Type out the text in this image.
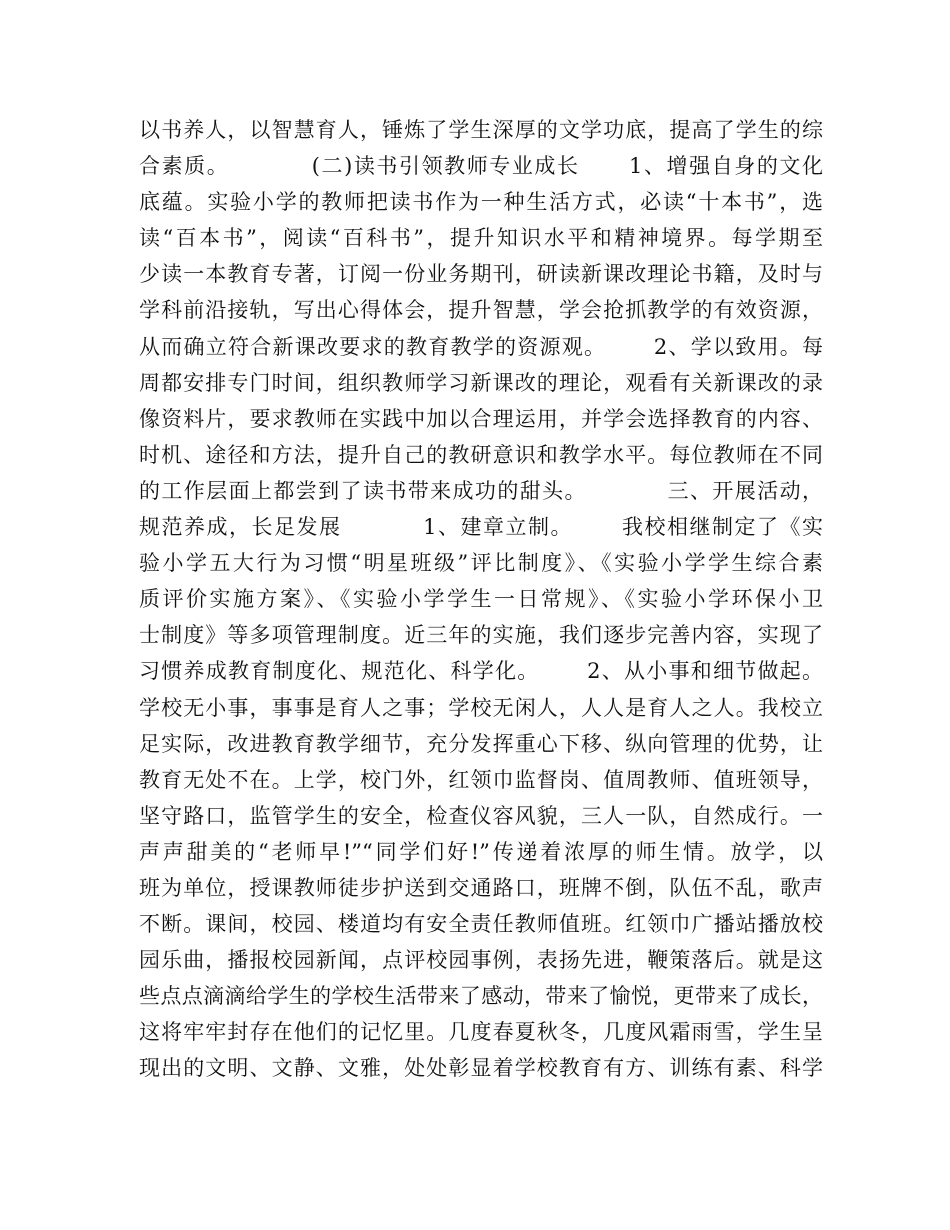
以书养人，以智慧育人，锤炼了学生深厚的文学功底，提高了学生的综
合素质。          (二)读书引领教师专业成长      1、增强自身的文化
底蕴。实验小学的教师把读书作为一种生活方式，必读“十本书”，选
读“百本书”，阅读“百科书”，提升知识水平和精神境界。每学期至
少读一本教育专著，订阅一份业务期刊，研读新课改理论书籍，及时与
学科前沿接轨，写出心得体会，提升智慧，学会抢抓教学的有效资源，
从而确立符合新课改要求的教育教学的资源观。      2、学以致用。每
周都安排专门时间，组织教师学习新课改的理论，观看有关新课改的录
像资料片，要求教师在实践中加以合理运用，并学会选择教育的内容、
时机、途径和方法，提升自己的教研意识和教学水平。每位教师在不同
的工作层面上都尝到了读书带来成功的甜头。          三、开展活动，
规范养成，长足发展          1、建章立制。      我校相继制定了《实
验小学五大行为习惯“明星班级”评比制度》、《实验小学学生综合素
质评价实施方案》、《实验小学学生一日常规》、《实验小学环保小卫
士制度》等多项管理制度。近三年的实施，我们逐步完善内容，实现了
习惯养成教育制度化、规范化、科学化。      2、从小事和细节做起。
学校无小事，事事是育人之事；学校无闲人，人人是育人之人。我校立
足实际，改进教育教学细节，充分发挥重心下移、纵向管理的优势，让
教育无处不在。上学，校门外，红领巾监督岗、值周教师、值班领导，
坚守路口，监管学生的安全，检查仪容风貌，三人一队，自然成行。一
声声甜美的“老师早!”“同学们好!”传递着浓厚的师生情。放学，以
班为单位，授课教师徒步护送到交通路口，班牌不倒，队伍不乱，歌声
不断。课间，校园、楼道均有安全责任教师值班。红领巾广播站播放校
园乐曲，播报校园新闻，点评校园事例，表扬先进，鞭策落后。就是这
些点点滴滴给学生的学校生活带来了感动，带来了愉悦，更带来了成长，
这将牢牢封存在他们的记忆里。几度春夏秋冬，几度风霜雨雪，学生呈
现出的文明、文静、文雅，处处彰显着学校教育有方、训练有素、科学
